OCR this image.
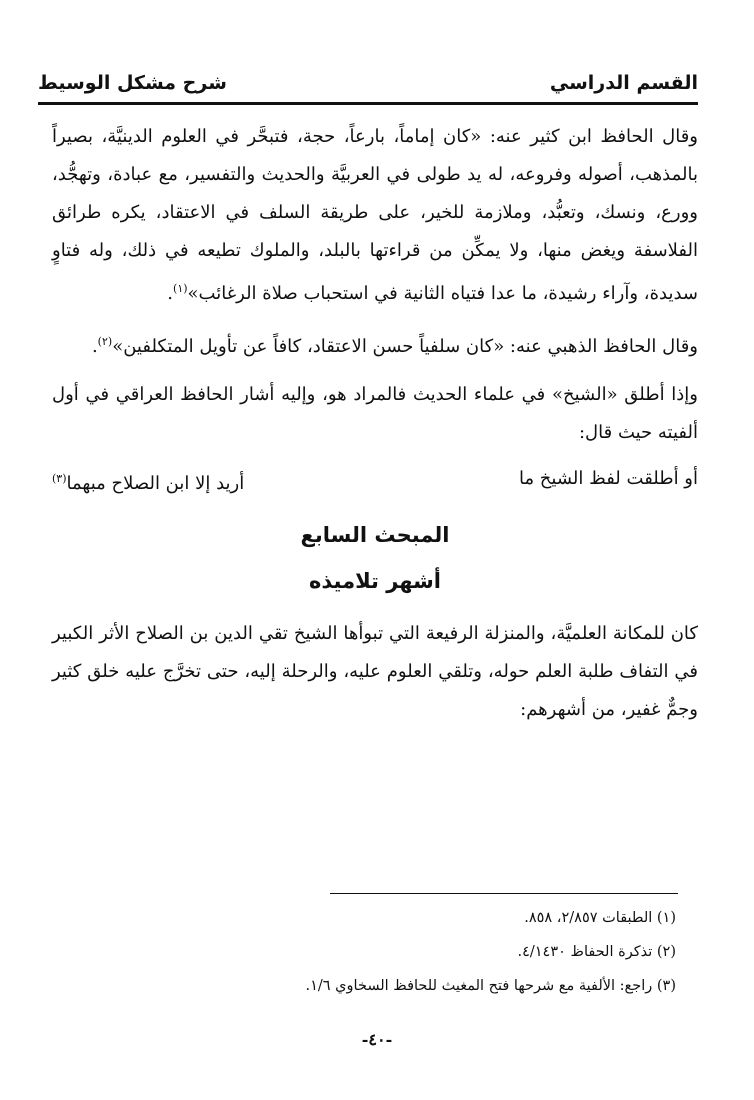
القسم الدراسي
شرح مشكل الوسيط

وقال الحافظ ابن كثير عنه: «كان إماماً، بارعاً، حجة، فتبحَّر في العلوم الدينيَّة، بصيراً بالمذهب، أصوله وفروعه، له يد طولى في العربيَّة والحديث والتفسير، مع عبادة، وتهجُّد، وورع، ونسك، وتعبُّد، وملازمة للخير، على طريقة السلف في الاعتقاد، يكره طرائق الفلاسفة ويغض منها، ولا يمكِّن من قراءتها بالبلد، والملوك تطيعه في ذلك، وله فتاوٍ سديدة، وآراء رشيدة، ما عدا فتياه الثانية في استحباب صلاة الرغائب»$^{(١)}$.

وقال الحافظ الذهبي عنه: «كان سلفياً حسن الاعتقاد، كافاً عن تأويل المتكلفين»$^{(٢)}$.

وإذا أطلق «الشيخ» في علماء الحديث فالمراد هو، وإليه أشار الحافظ العراقي في أول ألفيته حيث قال:

أو أطلقت لفظ الشيخ ما
أريد إلا ابن الصلاح مبهما$^{(٣)}$
المبحث السابع
أشهر تلاميذه

كان للمكانة العلميَّة، والمنزلة الرفيعة التي تبوأها الشيخ تقي الدين بن الصلاح الأثر الكبير في التفاف طلبة العلم حوله، وتلقي العلوم عليه، والرحلة إليه، حتى تخرَّج عليه خلق كثير وجمٌّ غفير، من أشهرهم:

(١) الطبقات ٢/٨٥٧، ٨٥٨.
(٢) تذكرة الحفاظ ٤/١٤٣٠.
(٣) راجع: الألفية مع شرحها فتح المغيث للحافظ السخاوي ١/٦.
-٤٠-
